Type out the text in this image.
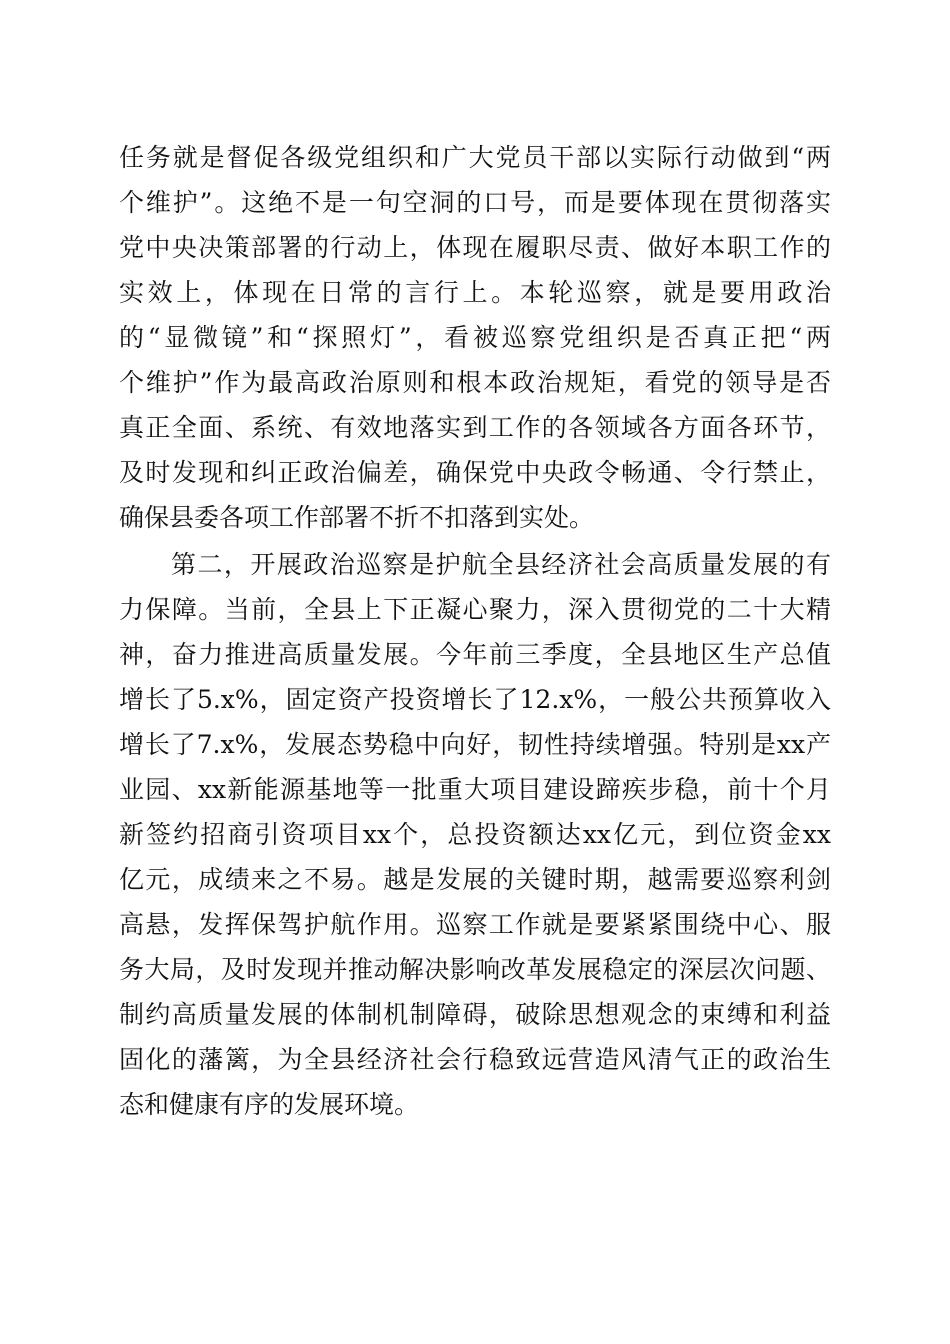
任务就是督促各级党组织和广大党员干部以实际行动做到“两
个维护”。这绝不是一句空洞的口号，而是要体现在贯彻落实
党中央决策部署的行动上，体现在履职尽责、做好本职工作的
实效上，体现在日常的言行上。本轮巡察，就是要用政治
的“显微镜”和“探照灯”，看被巡察党组织是否真正把“两
个维护”作为最高政治原则和根本政治规矩，看党的领导是否
真正全面、系统、有效地落实到工作的各领域各方面各环节，
及时发现和纠正政治偏差，确保党中央政令畅通、令行禁止，
确保县委各项工作部署不折不扣落到实处。
第二，开展政治巡察是护航全县经济社会高质量发展的有
力保障。当前，全县上下正凝心聚力，深入贯彻党的二十大精
神，奋力推进高质量发展。今年前三季度，全县地区生产总值
增长了5.x%，固定资产投资增长了12.x%，一般公共预算收入
增长了7.x%，发展态势稳中向好，韧性持续增强。特别是xx产
业园、xx新能源基地等一批重大项目建设蹄疾步稳，前十个月
新签约招商引资项目xx个，总投资额达xx亿元，到位资金xx
亿元，成绩来之不易。越是发展的关键时期，越需要巡察利剑
高悬，发挥保驾护航作用。巡察工作就是要紧紧围绕中心、服
务大局，及时发现并推动解决影响改革发展稳定的深层次问题、
制约高质量发展的体制机制障碍，破除思想观念的束缚和利益
固化的藩篱，为全县经济社会行稳致远营造风清气正的政治生
态和健康有序的发展环境。
